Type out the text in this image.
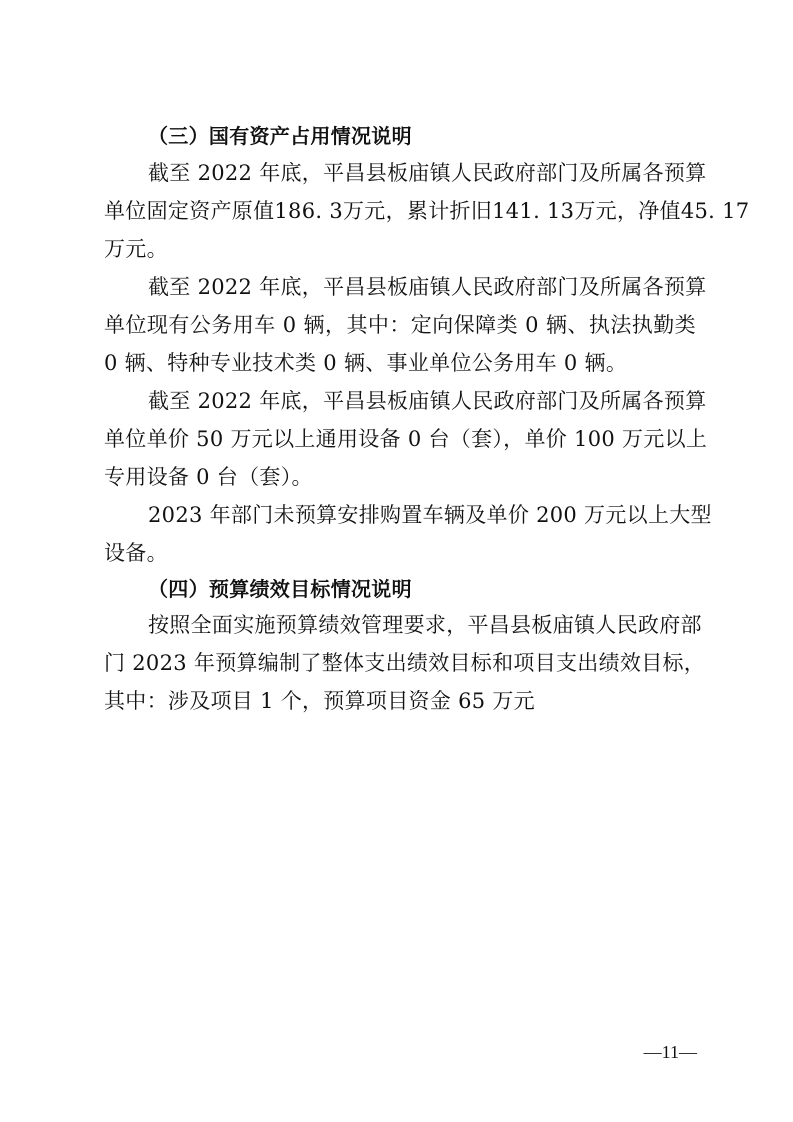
（三）国有资产占用情况说明
截至 2022 年底，平昌县板庙镇人民政府部门及所属各预算
单位固定资产原值186. 3万元，累计折旧141. 13万元，净值45. 17
万元。
截至 2022 年底，平昌县板庙镇人民政府部门及所属各预算
单位现有公务用车 0 辆，其中：定向保障类 0 辆、执法执勤类
0 辆、特种专业技术类 0 辆、事业单位公务用车 0 辆。
截至 2022 年底，平昌县板庙镇人民政府部门及所属各预算
单位单价 50 万元以上通用设备 0 台（套），单价 100 万元以上
专用设备 0 台（套）。
2023 年部门未预算安排购置车辆及单价 200 万元以上大型
设备。
（四）预算绩效目标情况说明
按照全面实施预算绩效管理要求，平昌县板庙镇人民政府部
门 2023 年预算编制了整体支出绩效目标和项目支出绩效目标，
其中：涉及项目 1 个，预算项目资金 65 万元
—11—
